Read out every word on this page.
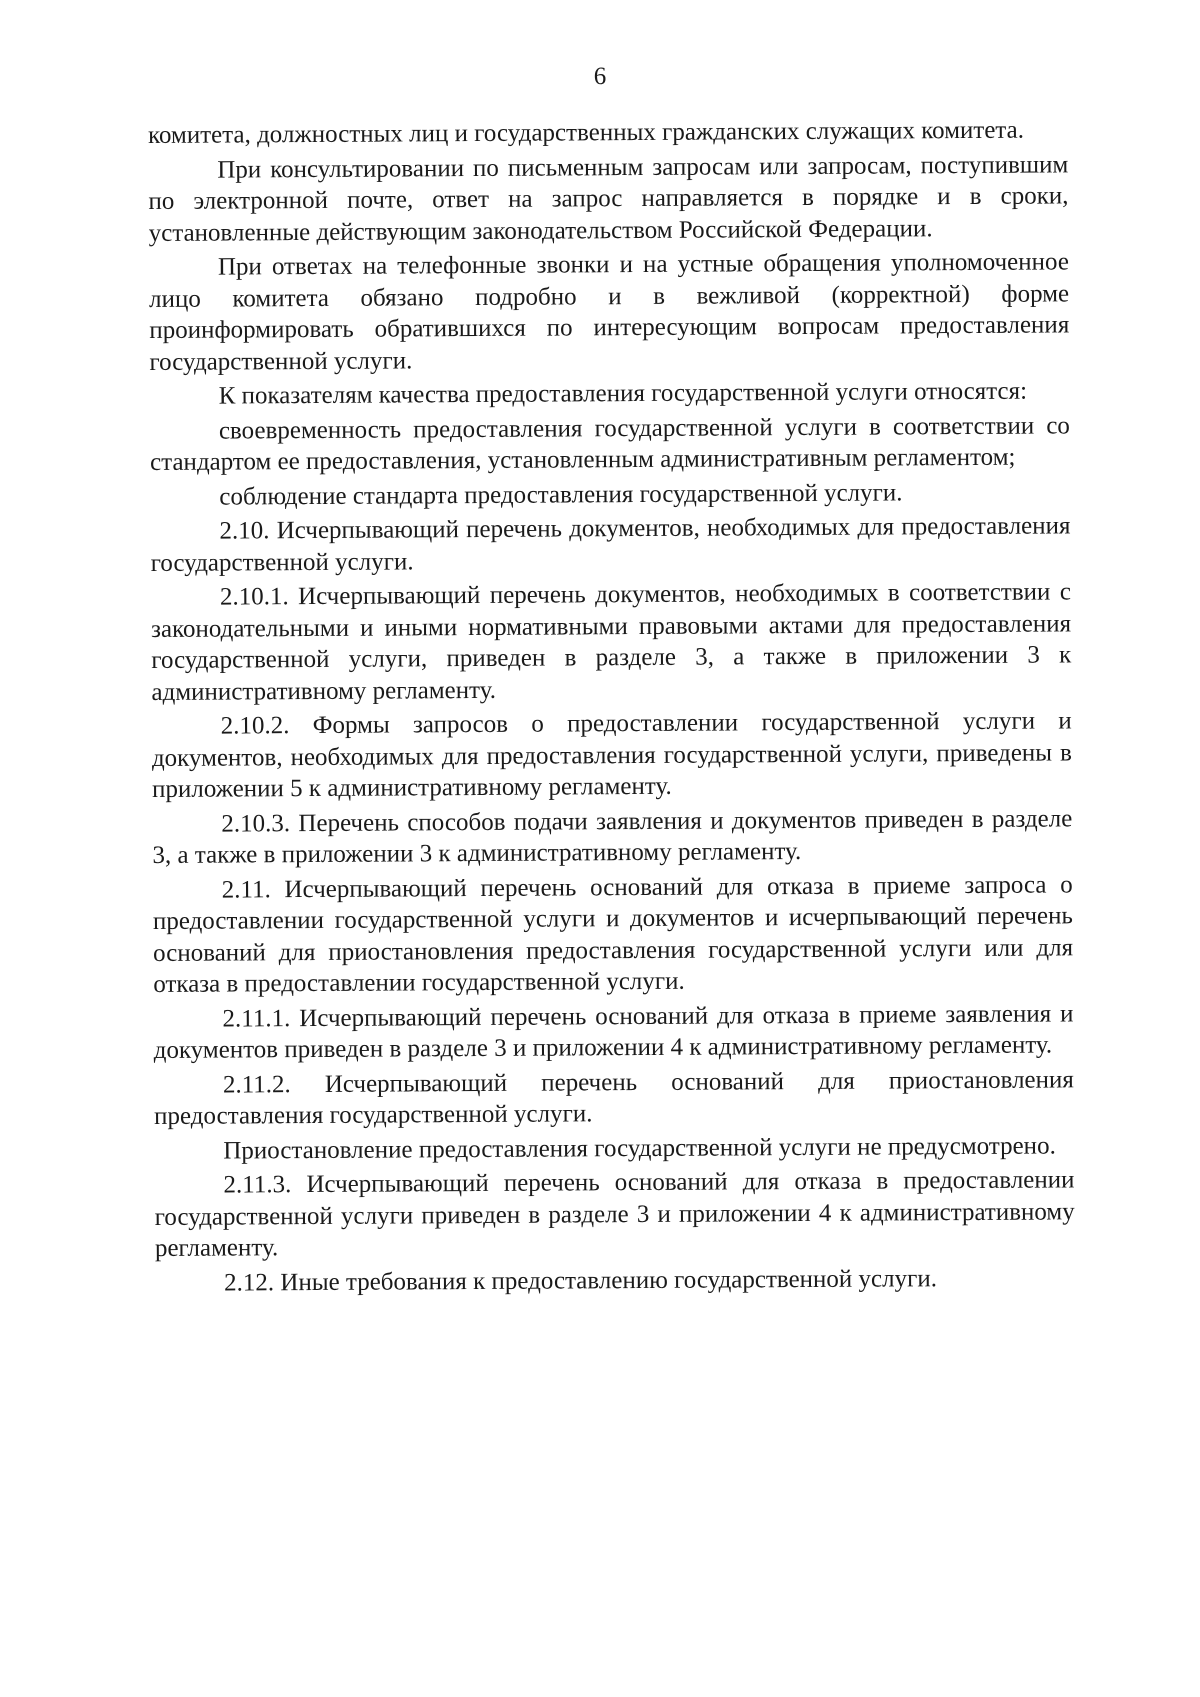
6

комитета, должностных лиц и государственных гражданских служащих комитета.

При консультировании по письменным запросам или запросам, поступившим по электронной почте, ответ на запрос направляется в порядке и в сроки, установленные действующим законодательством Российской Федерации.

При ответах на телефонные звонки и на устные обращения уполномоченное лицо комитета обязано подробно и в вежливой (корректной) форме проинформировать обратившихся по интересующим вопросам предоставления государственной услуги.

К показателям качества предоставления государственной услуги относятся:

своевременность предоставления государственной услуги в соответствии со стандартом ее предоставления, установленным административным регламентом;

соблюдение стандарта предоставления государственной услуги.

2.10. Исчерпывающий перечень документов, необходимых для предоставления государственной услуги.

2.10.1. Исчерпывающий перечень документов, необходимых в соответствии с законодательными и иными нормативными правовыми актами для предоставления государственной услуги, приведен в разделе 3, а также в приложении 3 к административному регламенту.

2.10.2. Формы запросов о предоставлении государственной услуги и документов, необходимых для предоставления государственной услуги, приведены в приложении 5 к административному регламенту.

2.10.3. Перечень способов подачи заявления и документов приведен в разделе 3, а также в приложении 3 к административному регламенту.

2.11. Исчерпывающий перечень оснований для отказа в приеме запроса о предоставлении государственной услуги и документов и исчерпывающий перечень оснований для приостановления предоставления государственной услуги или для отказа в предоставлении государственной услуги.

2.11.1. Исчерпывающий перечень оснований для отказа в приеме заявления и документов приведен в разделе 3 и приложении 4 к административному регламенту.

2.11.2. Исчерпывающий перечень оснований для приостановления предоставления государственной услуги.

Приостановление предоставления государственной услуги не предусмотрено.

2.11.3. Исчерпывающий перечень оснований для отказа в предоставлении государственной услуги приведен в разделе 3 и приложении 4 к административному регламенту.

2.12. Иные требования к предоставлению государственной услуги.
